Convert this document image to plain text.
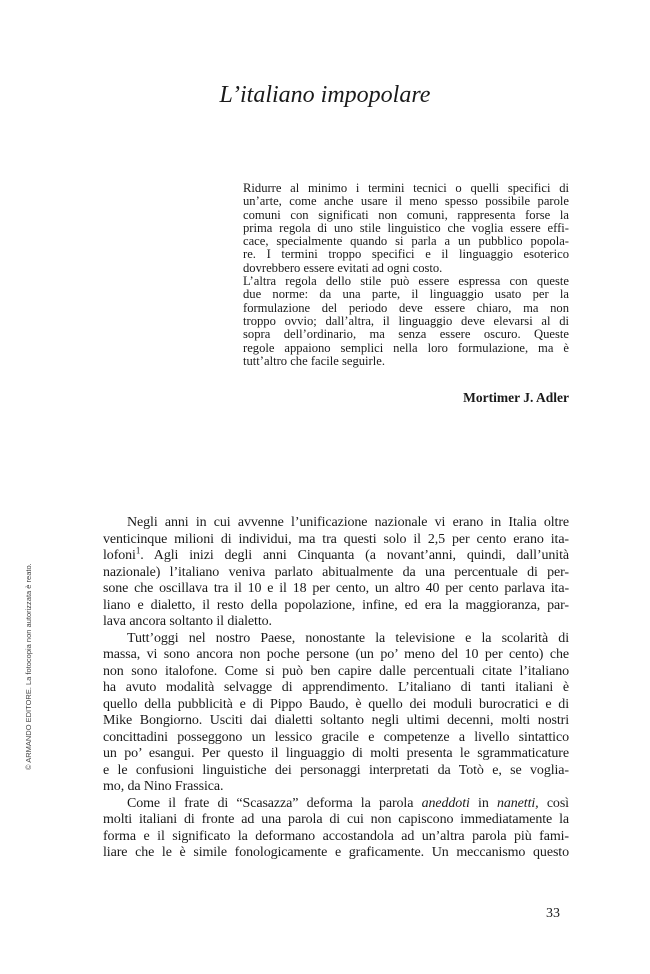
L’italiano impopolare
Ridurre al minimo i termini tecnici o quelli specifici di
un’arte, come anche usare il meno spesso possibile parole
comuni con significati non comuni, rappresenta forse la
prima regola di uno stile linguistico che voglia essere effi-
cace, specialmente quando si parla a un pubblico popola-
re. I termini troppo specifici e il linguaggio esoterico
dovrebbero essere evitati ad ogni costo.
L’altra regola dello stile può essere espressa con queste
due norme: da una parte, il linguaggio usato per la
formulazione del periodo deve essere chiaro, ma non
troppo ovvio; dall’altra, il linguaggio deve elevarsi al di
sopra dell’ordinario, ma senza essere oscuro. Queste
regole appaiono semplici nella loro formulazione, ma è
tutt’altro che facile seguirle.
Mortimer J. Adler
Negli anni in cui avvenne l’unificazione nazionale vi erano in Italia oltre
venticinque milioni di individui, ma tra questi solo il 2,5 per cento erano ita-
lofoni$^1$. Agli inizi degli anni Cinquanta (a novant’anni, quindi, dall’unità
nazionale) l’italiano veniva parlato abitualmente da una percentuale di per-
sone che oscillava tra il 10 e il 18 per cento, un altro 40 per cento parlava ita-
liano e dialetto, il resto della popolazione, infine, ed era la maggioranza, par-
lava ancora soltanto il dialetto.
Tutt’oggi nel nostro Paese, nonostante la televisione e la scolarità di
massa, vi sono ancora non poche persone (un po’ meno del 10 per cento) che
non sono italofone. Come si può ben capire dalle percentuali citate l’italiano
ha avuto modalità selvagge di apprendimento. L’italiano di tanti italiani è
quello della pubblicità e di Pippo Baudo, è quello dei moduli burocratici e di
Mike Bongiorno. Usciti dai dialetti soltanto negli ultimi decenni, molti nostri
concittadini posseggono un lessico gracile e competenze a livello sintattico
un po’ esangui. Per questo il linguaggio di molti presenta le sgrammaticature
e le confusioni linguistiche dei personaggi interpretati da Totò e, se voglia-
mo, da Nino Frassica.
Come il frate di “Scasazza” deforma la parola aneddoti in nanetti, così
molti italiani di fronte ad una parola di cui non capiscono immediatamente la
forma e il significato la deformano accostandola ad un’altra parola più fami-
liare che le è simile fonologicamente e graficamente. Un meccanismo questo
33
© ARMANDO EDITORE. La fotocopia non autorizzata è reato.
